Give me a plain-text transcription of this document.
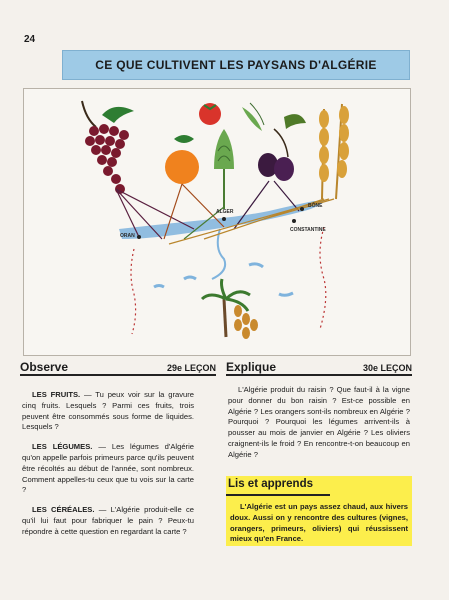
24
CE QUE CULTIVENT LES PAYSANS D'ALGÉRIE
ORAN
ALGER
BÔNE
CONSTANTINE
Observe	29e LEÇON Explique	30e LEÇON

LES FRUITS. — Tu peux voir sur la gravure cinq fruits. Lesquels ? Parmi ces fruits, trois peuvent être consommés sous forme de liquides. Lesquels ?

LES LÉGUMES. — Les légumes d'Algérie qu'on appelle parfois primeurs parce qu'ils peuvent être récoltés au début de l'année, sont nombreux. Comment appelles-tu ceux que tu vois sur la carte ?

LES CÉRÉALES. — L'Algérie produit-elle ce qu'il lui faut pour fabriquer le pain ? Peux-tu répondre à cette question en regardant la carte ?

L'Algérie produit du raisin ? Que faut-il à la vigne pour donner du bon raisin ? Est-ce possible en Algérie ? Les orangers sont-ils nombreux en Algérie ? Pourquoi ? Pourquoi les légumes arrivent-ils à pousser au mois de janvier en Algérie ? Les oliviers craignent-ils le froid ? En rencontre-t-on beaucoup en Algérie ?

Lis et apprends

L'Algérie est un pays assez chaud, aux hivers doux. Aussi on y rencontre des cultures (vignes, orangers, primeurs, oliviers) qui réussissent mieux qu'en France.
